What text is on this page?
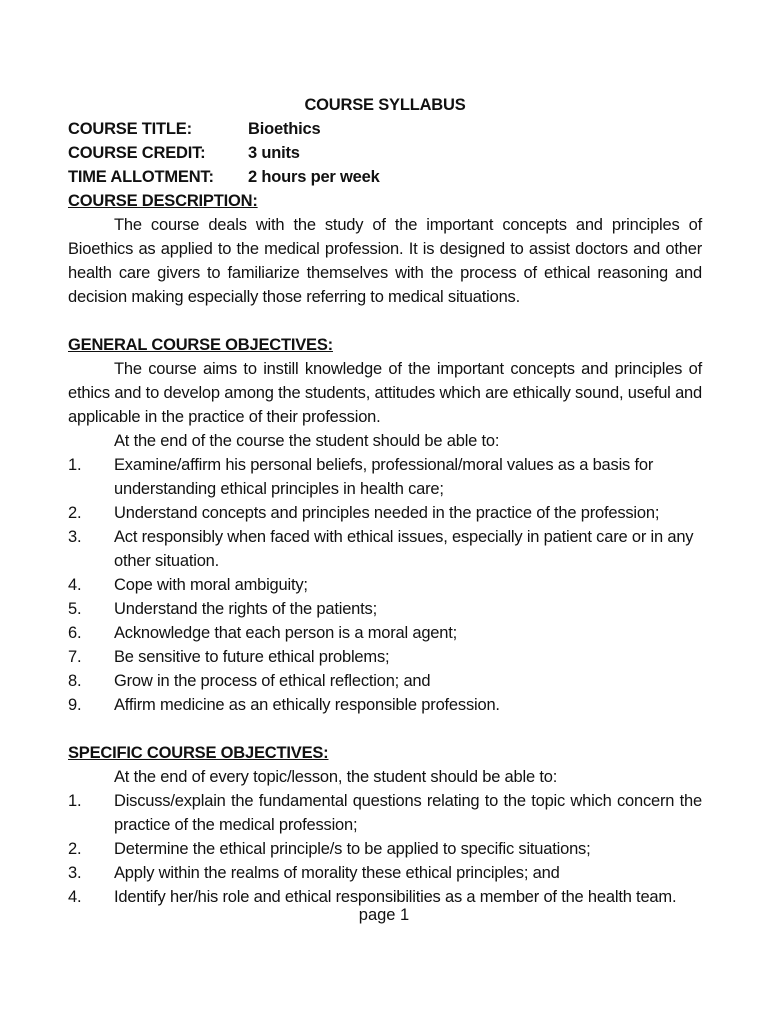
COURSE SYLLABUS
COURSE TITLE:	Bioethics
COURSE CREDIT:	3 units
TIME ALLOTMENT:	2 hours per week
COURSE DESCRIPTION:
The course deals with the study of the important concepts and principles of Bioethics as applied to the medical profession. It is designed to assist doctors and other health care givers to familiarize themselves with the process of ethical reasoning and decision making especially those referring to medical situations.
GENERAL COURSE OBJECTIVES:
The course aims to instill knowledge of the important concepts and principles of ethics and to develop among the students, attitudes which are ethically sound, useful and applicable in the practice of their profession.
At the end of the course the student should be able to:
1.	Examine/affirm his personal beliefs, professional/moral values as a basis for understanding ethical principles in health care;
2.	Understand concepts and principles needed in the practice of the profession;
3.	Act responsibly when faced with ethical issues, especially in patient care or in any other situation.
4.	Cope with moral ambiguity;
5.	Understand the rights of the patients;
6.	Acknowledge that each person is a moral agent;
7.	Be sensitive to future ethical problems;
8.	Grow in the process of ethical reflection; and
9.	Affirm medicine as an ethically responsible profession.
SPECIFIC COURSE OBJECTIVES:
At the end of every topic/lesson, the student should be able to:
1.	Discuss/explain the fundamental questions relating to the topic which concern the practice of the medical profession;
2.	Determine the ethical principle/s to be applied to specific situations;
3.	Apply within the realms of morality these ethical principles; and
4.	Identify her/his role and ethical responsibilities as a member of the health team.
page 1
